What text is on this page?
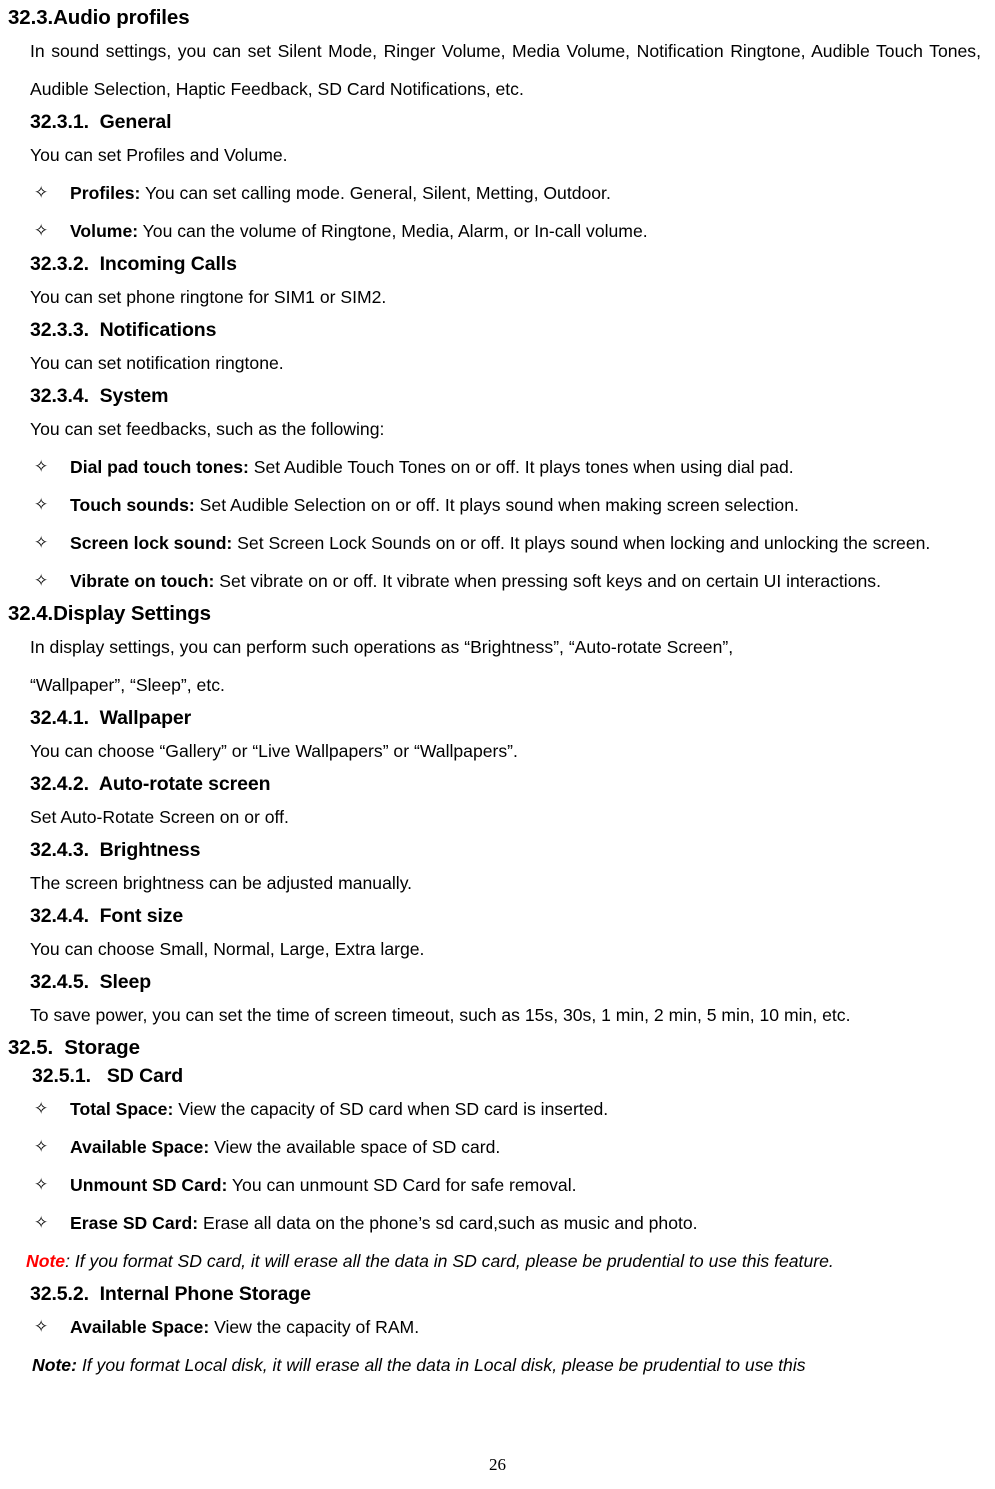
32.3.Audio profiles
In sound settings, you can set Silent Mode, Ringer Volume, Media Volume, Notification Ringtone, Audible Touch Tones, Audible Selection, Haptic Feedback, SD Card Notifications, etc.
32.3.1.  General
You can set Profiles and Volume.
✧ Profiles: You can set calling mode. General, Silent, Metting, Outdoor.
✧ Volume: You can the volume of Ringtone, Media, Alarm, or In-call volume.
32.3.2.  Incoming Calls
You can set phone ringtone for SIM1 or SIM2.
32.3.3.  Notifications
You can set notification ringtone.
32.3.4.  System
You can set feedbacks, such as the following:
✧ Dial pad touch tones: Set Audible Touch Tones on or off. It plays tones when using dial pad.
✧ Touch sounds: Set Audible Selection on or off. It plays sound when making screen selection.
✧ Screen lock sound: Set Screen Lock Sounds on or off. It plays sound when locking and unlocking the screen.
✧ Vibrate on touch: Set vibrate on or off. It vibrate when pressing soft keys and on certain UI interactions.
32.4.Display Settings
In display settings, you can perform such operations as “Brightness”, “Auto-rotate Screen”,
“Wallpaper”, “Sleep”, etc.
32.4.1.  Wallpaper
You can choose “Gallery” or “Live Wallpapers” or “Wallpapers”.
32.4.2.  Auto-rotate screen
Set Auto-Rotate Screen on or off.
32.4.3.  Brightness
The screen brightness can be adjusted manually.
32.4.4.  Font size
You can choose Small, Normal, Large, Extra large.
32.4.5.  Sleep
To save power, you can set the time of screen timeout, such as 15s, 30s, 1 min, 2 min, 5 min, 10 min, etc.
32.5.  Storage
32.5.1.   SD Card
✧ Total Space: View the capacity of SD card when SD card is inserted.
✧ Available Space: View the available space of SD card.
✧ Unmount SD Card: You can unmount SD Card for safe removal.
✧ Erase SD Card: Erase all data on the phone’s sd card,such as music and photo.
Note: If you format SD card, it will erase all the data in SD card, please be prudential to use this feature.
32.5.2.  Internal Phone Storage
✧ Available Space: View the capacity of RAM.
Note: If you format Local disk, it will erase all the data in Local disk, please be prudential to use this
26
